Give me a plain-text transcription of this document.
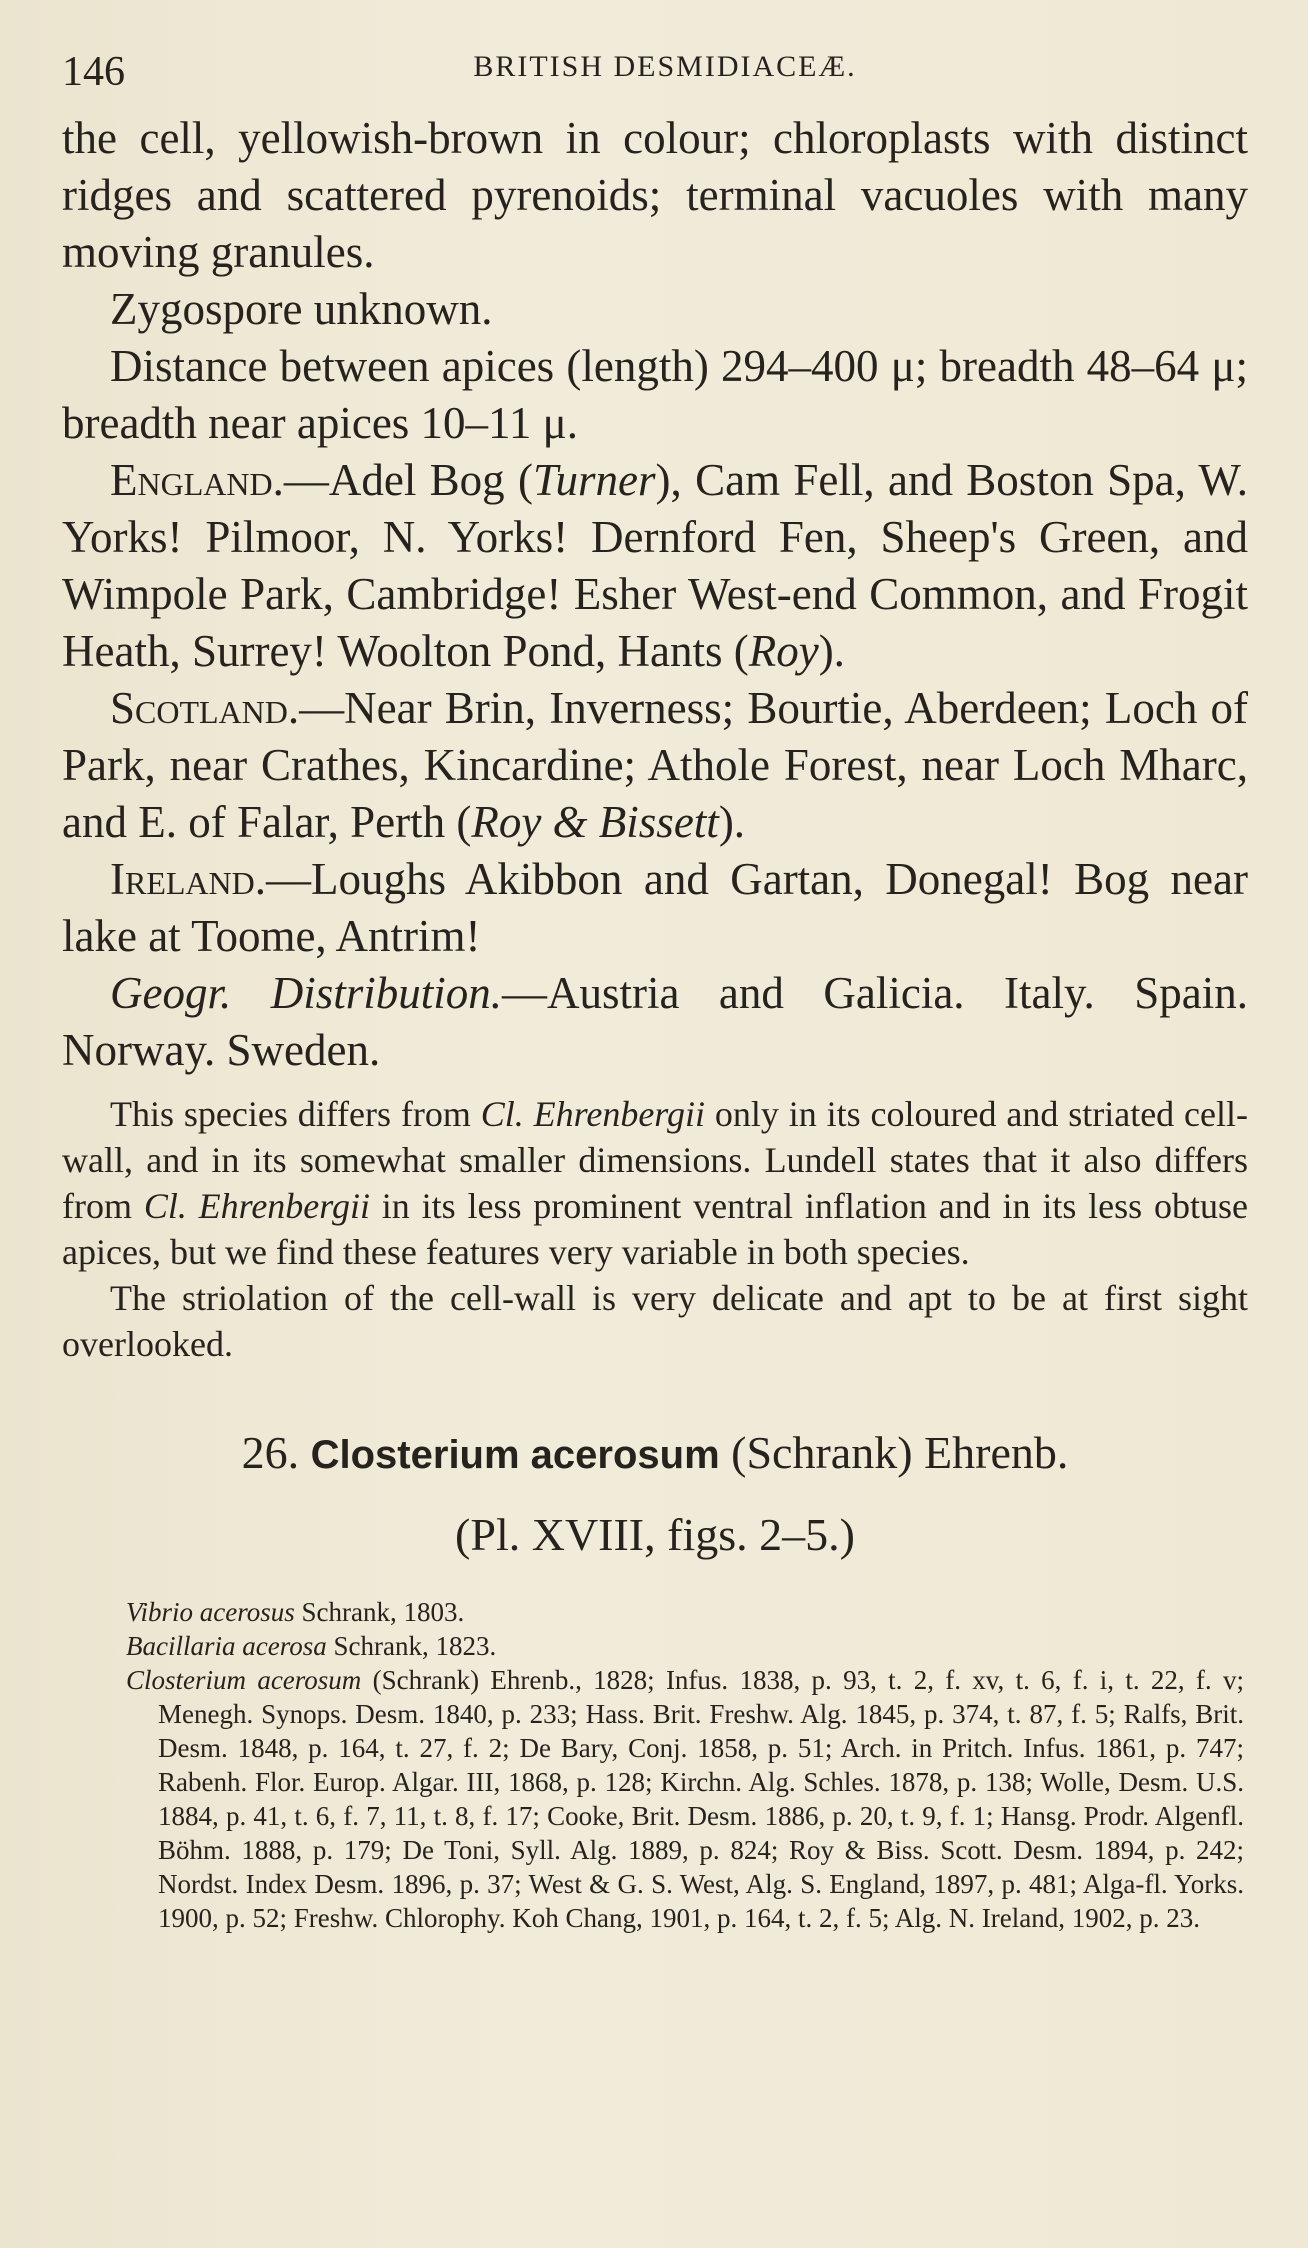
146	BRITISH DESMIDIACEÆ.

the cell, yellowish-brown in colour; chloroplasts with distinct ridges and scattered pyrenoids; terminal vacuoles with many moving granules.

Zygospore unknown.

Distance between apices (length) 294–400 μ; breadth 48–64 μ; breadth near apices 10–11 μ.

England.—Adel Bog (Turner), Cam Fell, and Boston Spa, W. Yorks! Pilmoor, N. Yorks! Dernford Fen, Sheep's Green, and Wimpole Park, Cambridge! Esher West-end Common, and Frogit Heath, Surrey! Woolton Pond, Hants (Roy).

Scotland.—Near Brin, Inverness; Bourtie, Aberdeen; Loch of Park, near Crathes, Kincardine; Athole Forest, near Loch Mharc, and E. of Falar, Perth (Roy & Bissett).

Ireland.—Loughs Akibbon and Gartan, Donegal! Bog near lake at Toome, Antrim!

Geogr. Distribution.—Austria and Galicia. Italy. Spain. Norway. Sweden.

This species differs from Cl. Ehrenbergii only in its coloured and striated cell-wall, and in its somewhat smaller dimensions. Lundell states that it also differs from Cl. Ehrenbergii in its less prominent ventral inflation and in its less obtuse apices, but we find these features very variable in both species.

The striolation of the cell-wall is very delicate and apt to be at first sight overlooked.

26. Closterium acerosum (Schrank) Ehrenb.
(Pl. XVIII, figs. 2–5.)

Vibrio acerosus Schrank, 1803.

Bacillaria acerosa Schrank, 1823.

Closterium acerosum (Schrank) Ehrenb., 1828; Infus. 1838, p. 93, t. 2, f. xv, t. 6, f. i, t. 22, f. v; Menegh. Synops. Desm. 1840, p. 233; Hass. Brit. Freshw. Alg. 1845, p. 374, t. 87, f. 5; Ralfs, Brit. Desm. 1848, p. 164, t. 27, f. 2; De Bary, Conj. 1858, p. 51; Arch. in Pritch. Infus. 1861, p. 747; Rabenh. Flor. Europ. Algar. III, 1868, p. 128; Kirchn. Alg. Schles. 1878, p. 138; Wolle, Desm. U.S. 1884, p. 41, t. 6, f. 7, 11, t. 8, f. 17; Cooke, Brit. Desm. 1886, p. 20, t. 9, f. 1; Hansg. Prodr. Algenfl. Böhm. 1888, p. 179; De Toni, Syll. Alg. 1889, p. 824; Roy & Biss. Scott. Desm. 1894, p. 242; Nordst. Index Desm. 1896, p. 37; West & G. S. West, Alg. S. England, 1897, p. 481; Alga-fl. Yorks. 1900, p. 52; Freshw. Chlorophy. Koh Chang, 1901, p. 164, t. 2, f. 5; Alg. N. Ireland, 1902, p. 23.
